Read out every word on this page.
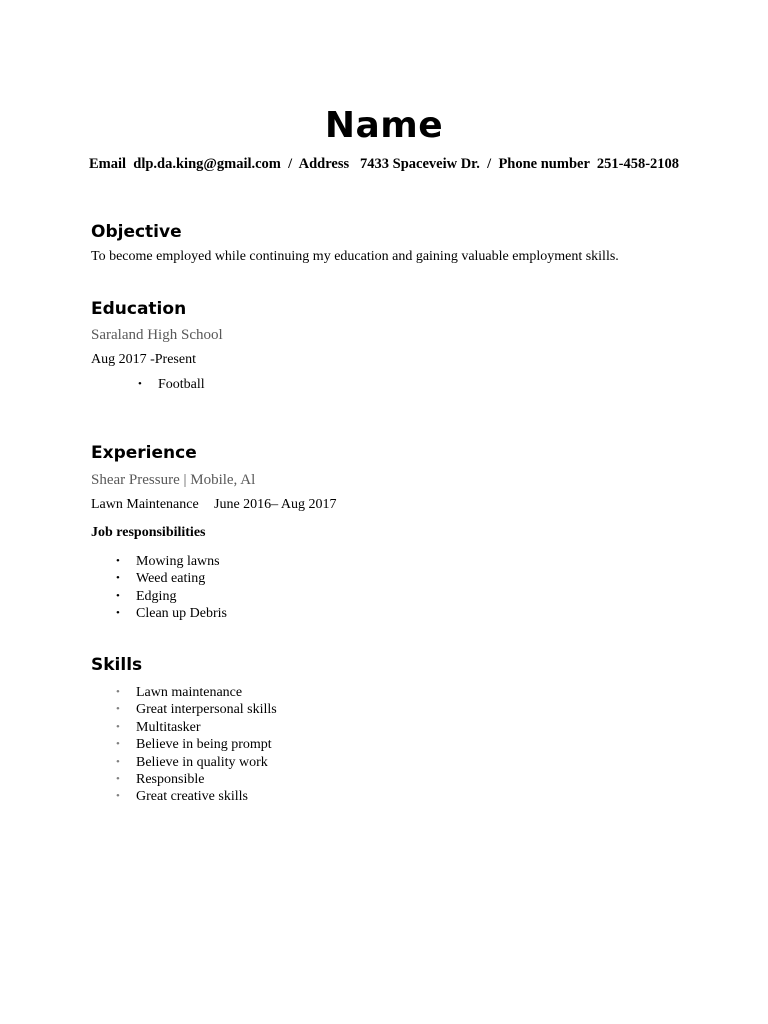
Name
Email dlp.da.king@gmail.com / Address 7433 Spaceveiw Dr. / Phone number 251-458-2108
Objective

To become employed while continuing my education and gaining valuable employment skills.

Education

Saraland High School

Aug 2017 -Present

• Football
Experience

Shear Pressure | Mobile, Al

Lawn Maintenance June 2016– Aug 2017

Job responsibilities

• Mowing lawns
• Weed eating
• Edging
• Clean up Debris
Skills
• Lawn maintenance
• Great interpersonal skills
• Multitasker
• Believe in being prompt
• Believe in quality work
• Responsible
• Great creative skills
